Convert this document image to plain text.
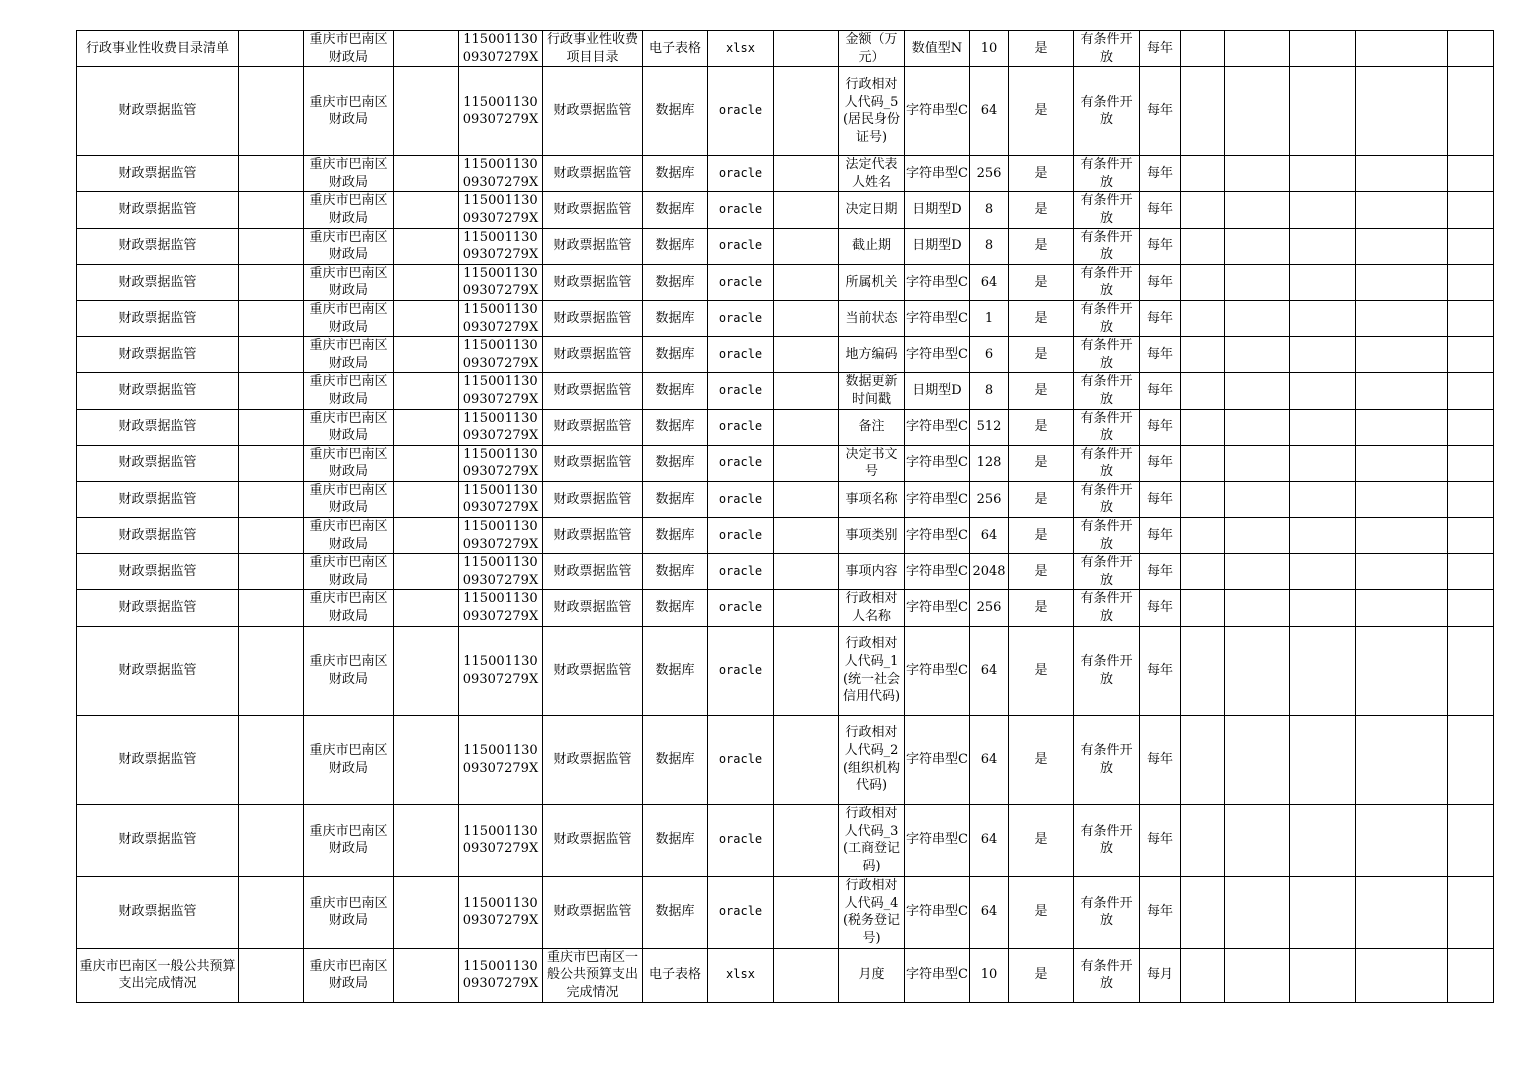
行政事业性收费目录清单		重庆市巴南区财政局		11500113009307279X	行政事业性收费项目目录	电子表格	xlsx		金额（万元）	数值型N	10	是	有条件开放	每年					
财政票据监管		重庆市巴南区财政局		11500113009307279X	财政票据监管	数据库	oracle		行政相对人代码_5(居民身份证号)	字符串型C	64	是	有条件开放	每年					
财政票据监管		重庆市巴南区财政局		11500113009307279X	财政票据监管	数据库	oracle		法定代表人姓名	字符串型C	256	是	有条件开放	每年					
财政票据监管		重庆市巴南区财政局		11500113009307279X	财政票据监管	数据库	oracle		决定日期	日期型D	8	是	有条件开放	每年					
财政票据监管		重庆市巴南区财政局		11500113009307279X	财政票据监管	数据库	oracle		截止期	日期型D	8	是	有条件开放	每年					
财政票据监管		重庆市巴南区财政局		11500113009307279X	财政票据监管	数据库	oracle		所属机关	字符串型C	64	是	有条件开放	每年					
财政票据监管		重庆市巴南区财政局		11500113009307279X	财政票据监管	数据库	oracle		当前状态	字符串型C	1	是	有条件开放	每年					
财政票据监管		重庆市巴南区财政局		11500113009307279X	财政票据监管	数据库	oracle		地方编码	字符串型C	6	是	有条件开放	每年					
财政票据监管		重庆市巴南区财政局		11500113009307279X	财政票据监管	数据库	oracle		数据更新时间戳	日期型D	8	是	有条件开放	每年					
财政票据监管		重庆市巴南区财政局		11500113009307279X	财政票据监管	数据库	oracle		备注	字符串型C	512	是	有条件开放	每年					
财政票据监管		重庆市巴南区财政局		11500113009307279X	财政票据监管	数据库	oracle		决定书文号	字符串型C	128	是	有条件开放	每年					
财政票据监管		重庆市巴南区财政局		11500113009307279X	财政票据监管	数据库	oracle		事项名称	字符串型C	256	是	有条件开放	每年					
财政票据监管		重庆市巴南区财政局		11500113009307279X	财政票据监管	数据库	oracle		事项类别	字符串型C	64	是	有条件开放	每年					
财政票据监管		重庆市巴南区财政局		11500113009307279X	财政票据监管	数据库	oracle		事项内容	字符串型C	2048	是	有条件开放	每年					
财政票据监管		重庆市巴南区财政局		11500113009307279X	财政票据监管	数据库	oracle		行政相对人名称	字符串型C	256	是	有条件开放	每年					
财政票据监管		重庆市巴南区财政局		11500113009307279X	财政票据监管	数据库	oracle		行政相对人代码_1(统一社会信用代码)	字符串型C	64	是	有条件开放	每年					
财政票据监管		重庆市巴南区财政局		11500113009307279X	财政票据监管	数据库	oracle		行政相对人代码_2(组织机构代码)	字符串型C	64	是	有条件开放	每年					
财政票据监管		重庆市巴南区财政局		11500113009307279X	财政票据监管	数据库	oracle		行政相对人代码_3(工商登记码)	字符串型C	64	是	有条件开放	每年					
财政票据监管		重庆市巴南区财政局		11500113009307279X	财政票据监管	数据库	oracle		行政相对人代码_4(税务登记号)	字符串型C	64	是	有条件开放	每年					
重庆市巴南区一般公共预算支出完成情况		重庆市巴南区财政局		11500113009307279X	重庆市巴南区一般公共预算支出完成情况	电子表格	xlsx		月度	字符串型C	10	是	有条件开放	每月					
